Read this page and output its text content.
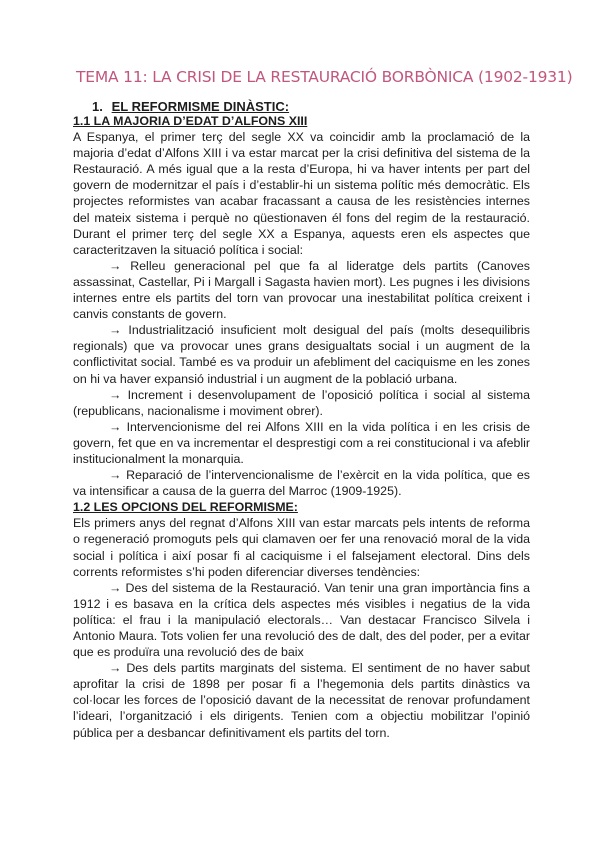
TEMA 11: LA CRISI DE LA RESTAURACIÓ BORBÒNICA (1902-1931)
1. EL REFORMISME DINÀSTIC:
1.1 LA MAJORIA D’EDAT D’ALFONS XIII

A Espanya, el primer terç del segle XX va coincidir amb la proclamació de la majoria d’edat d’Alfons XIII i va estar marcat per la crisi definitiva del sistema de la Restauració. A més igual que a la resta d’Europa, hi va haver intents per part del govern de modernitzar el país i d’establir-hi un sistema polític més democràtic. Els projectes reformistes van acabar fracassant a causa de les resistències internes del mateix sistema i perquè no qüestionaven él fons del regim de la restauració. Durant el primer terç del segle XX a Espanya, aquests eren els aspectes que caracteritzaven la situació política i social:

→ Relleu generacional pel que fa al lideratge dels partits (Canoves assassinat, Castellar, Pi i Margall i Sagasta havien mort). Les pugnes i les divisions internes entre els partits del torn van provocar una inestabilitat política creixent i canvis constants de govern.

→ Industrialització insuficient molt desigual del país (molts desequilibris regionals) que va provocar unes grans desigualtats social i un augment de la conflictivitat social. També es va produir un afebliment del caciquisme en les zones on hi va haver expansió industrial i un augment de la població urbana.

→ Increment i desenvolupament de l’oposició política i social al sistema (republicans, nacionalisme i moviment obrer).

→ Intervencionisme del rei Alfons XIII en la vida política i en les crisis de govern, fet que en va incrementar el desprestigi com a rei constitucional i va afeblir institucionalment la monarquia.

→ Reparació de l’intervencionalisme de l’exèrcit en la vida política, que es va intensificar a causa de la guerra del Marroc (1909-1925).

1.2 LES OPCIONS DEL REFORMISME:

Els primers anys del regnat d’Alfons XIII van estar marcats pels intents de reforma o regeneració promoguts pels qui clamaven oer fer una renovació moral de la vida social i política i així posar fi al caciquisme i el falsejament electoral. Dins dels corrents reformistes s’hi poden diferenciar diverses tendències:

→ Des del sistema de la Restauració. Van tenir una gran importància fins a 1912 i es basava en la crítica dels aspectes més visibles i negatius de la vida política: el frau i la manipulació electorals… Van destacar Francisco Silvela i Antonio Maura. Tots volien fer una revolució des de dalt, des del poder, per a evitar que es produïra una revolució des de baix

→ Des dels partits marginats del sistema. El sentiment de no haver sabut aprofitar la crisi de 1898 per posar fi a l’hegemonia dels partits dinàstics va col·locar les forces de l’oposició davant de la necessitat de renovar profundament l’ideari, l’organització i els dirigents. Tenien com a objectiu mobilitzar l’opinió pública per a desbancar definitivament els partits del torn.
